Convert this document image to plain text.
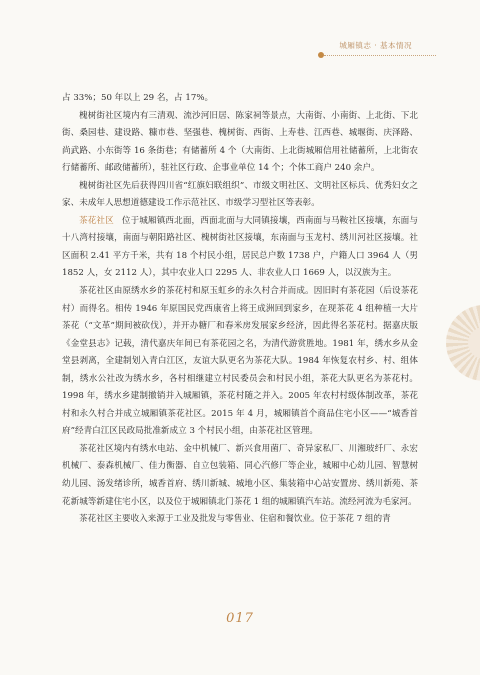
城厢镇志 · 基本情况

占 33%；50 年以上 29 名，占 17%。

槐树街社区境内有三清观、流沙河旧居、陈家祠等景点，大南街、小南街、上北街、下北街、桑园巷、建设路、糠市巷、坚强巷、槐树街、西街、上寿巷、江西巷、城堰街、庆泽路、尚武路、小东街等 16 条街巷；有储蓄所 4 个（大南街、上北街城厢信用社储蓄所，上北街农行储蓄所、邮政储蓄所），驻社区行政、企事业单位 14 个；个体工商户 240 余户。

槐树街社区先后获得四川省“红旗妇联组织”、市级文明社区、文明社区标兵、优秀妇女之家、未成年人思想道德建设工作示范社区、市级学习型社区等表彰。

茶花社区 位于城厢镇西北面，西面北面与大同镇接壤，西南面与马鞍社区接壤，东面与十八湾村接壤，南面与朝阳路社区、槐树街社区接壤，东南面与玉龙村、绣川河社区接壤。社区面积 2.41 平方千米，共有 18 个村民小组，居民总户数 1738 户，户籍人口 3964 人（男 1852 人，女 2112 人），其中农业人口 2295 人、非农业人口 1669 人，以汉族为主。

茶花社区由原绣水乡的茶花村和原玉虹乡的永久村合并而成。因旧时有茶花园（后设茶花村）而得名。相传 1946 年原国民党西康省上将王成洲回到家乡，在现茶花 4 组种植一大片茶花（“文革”期间被砍伐），并开办糖厂和春米房发展家乡经济，因此得名茶花村。据嘉庆版《金堂县志》记载，清代嘉庆年间已有茶花园之名，为清代游赏胜地。1981 年，绣水乡从金堂县剥离，全建制划入青白江区，友谊大队更名为茶花大队。1984 年恢复农村乡、村、组体制，绣水公社改为绣水乡，各村相继建立村民委员会和村民小组，茶花大队更名为茶花村。1998 年，绣水乡建制撤销并入城厢镇，茶花村随之并入。2005 年农村村级体制改革，茶花村和永久村合并成立城厢镇茶花社区。2015 年 4 月，城厢镇首个商品住宅小区——“城香首府”经青白江区民政局批准新成立 3 个村民小组，由茶花社区管理。

茶花社区境内有绣水电站、金中机械厂、新兴食用菌厂、奇异家私厂、川湘玻纤厂、永宏机械厂、泰森机械厂、佳力衡器、自立包装箱、同心汽修厂等企业，城厢中心幼儿园、智慧树幼儿园、汤发绪诊所，城香首府、绣川新城、城地小区、集装箱中心站安置房、绣川新苑、茶花新城等新建住宅小区，以及位于城厢镇北门茶花 1 组的城厢镇汽车站。流经河流为毛家河。

茶花社区主要收入来源于工业及批发与零售业、住宿和餐饮业。位于茶花 7 组的青

017
